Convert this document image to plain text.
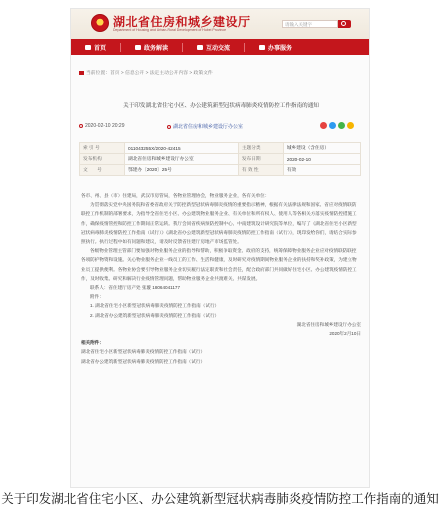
湖北省住房和城乡建设厅
Department of Housing and Urban-Rural Development of Hubei Province
请输入关键字
首页	政务解读	互动交流	办事服务
当前位置：首页 > 信息公开 > 法定主动公开内容 > 政策文件
关于印发湖北省住宅小区、办公建筑新型冠状病毒肺炎疫情防控工作指南的通知
2020-02-10 20:29	湖北省住房和城乡建设厅办公室
索 引 号	011043255X/2020-42415	主题分类	城乡建设（含住房）
发布机构	湖北省住房和城乡建设厅办公室	发布日期	2020-02-10
文　　号	鄂建办〔2020〕25号	有 效 性	有效

各市、州、县（市）住建局，武汉市房管局，各物业管理协会，物业服务企业，各有关单位：

为贯彻落实党中央国务院和省委省政府关于防控新型冠状病毒肺炎疫情的重要指示精神，根据有关法律法规和国家、省应对疫情联防联控工作机制的部署要求，为指导全省住宅小区、办公建筑物业服务企业、有关单位和所有权人、使用人等各相关方落实疫情防控措施工作，确保疫情管控和防控工作期间正常运转。我厅会同省疾病预防控制中心、中南建筑设计研究院等单位，编写了《湖北省住宅小区新型冠状病毒肺炎疫情防控工作指南（试行）》《湖北省办公建筑新型冠状病毒肺炎疫情防控工作指南（试行）》，现印发给你们，请结合实际参照执行。执行过程中如有问题和建议，请及时反馈省住建厅房地产市场监管处。

各级物业管理主管部门要加强对物业服务企业的指导和帮助，积极争取资金、政府的支持，统筹保障物业服务企业应对疫情联防联控各项防护物资和设施。关心物业服务企业一线员工的工作、生活和健康，及时研究对疫情期间物业服务企业的扶持和奖补政策，为建立物业员工提供便利。各物业协会要引导物业服务企业切实履行法定职责和社会责任，配合政府部门共同做好住宅小区、办公建筑疫情防控工作，及时收集、研究和解决行业疫情管理问题，帮助物业服务企业共渡难关、共谋发展。

联系人：省住建厅房产处 张璇 18064041177

附件：

1. 湖北省住宅小区新型冠状病毒肺炎疫情防控工作指南（试行）

2. 湖北省办公建筑新型冠状病毒肺炎疫情防控工作指南（试行）

湖北省住房和城乡建设厅办公室

2020年2月10日

相关附件：

湖北省住宅小区新型冠状病毒肺炎疫情防控工作指南（试行）

湖北省办公建筑新型冠状病毒肺炎疫情防控工作指南（试行）

关于印发湖北省住宅小区、办公建筑新型冠状病毒肺炎疫情防控工作指南的通知
